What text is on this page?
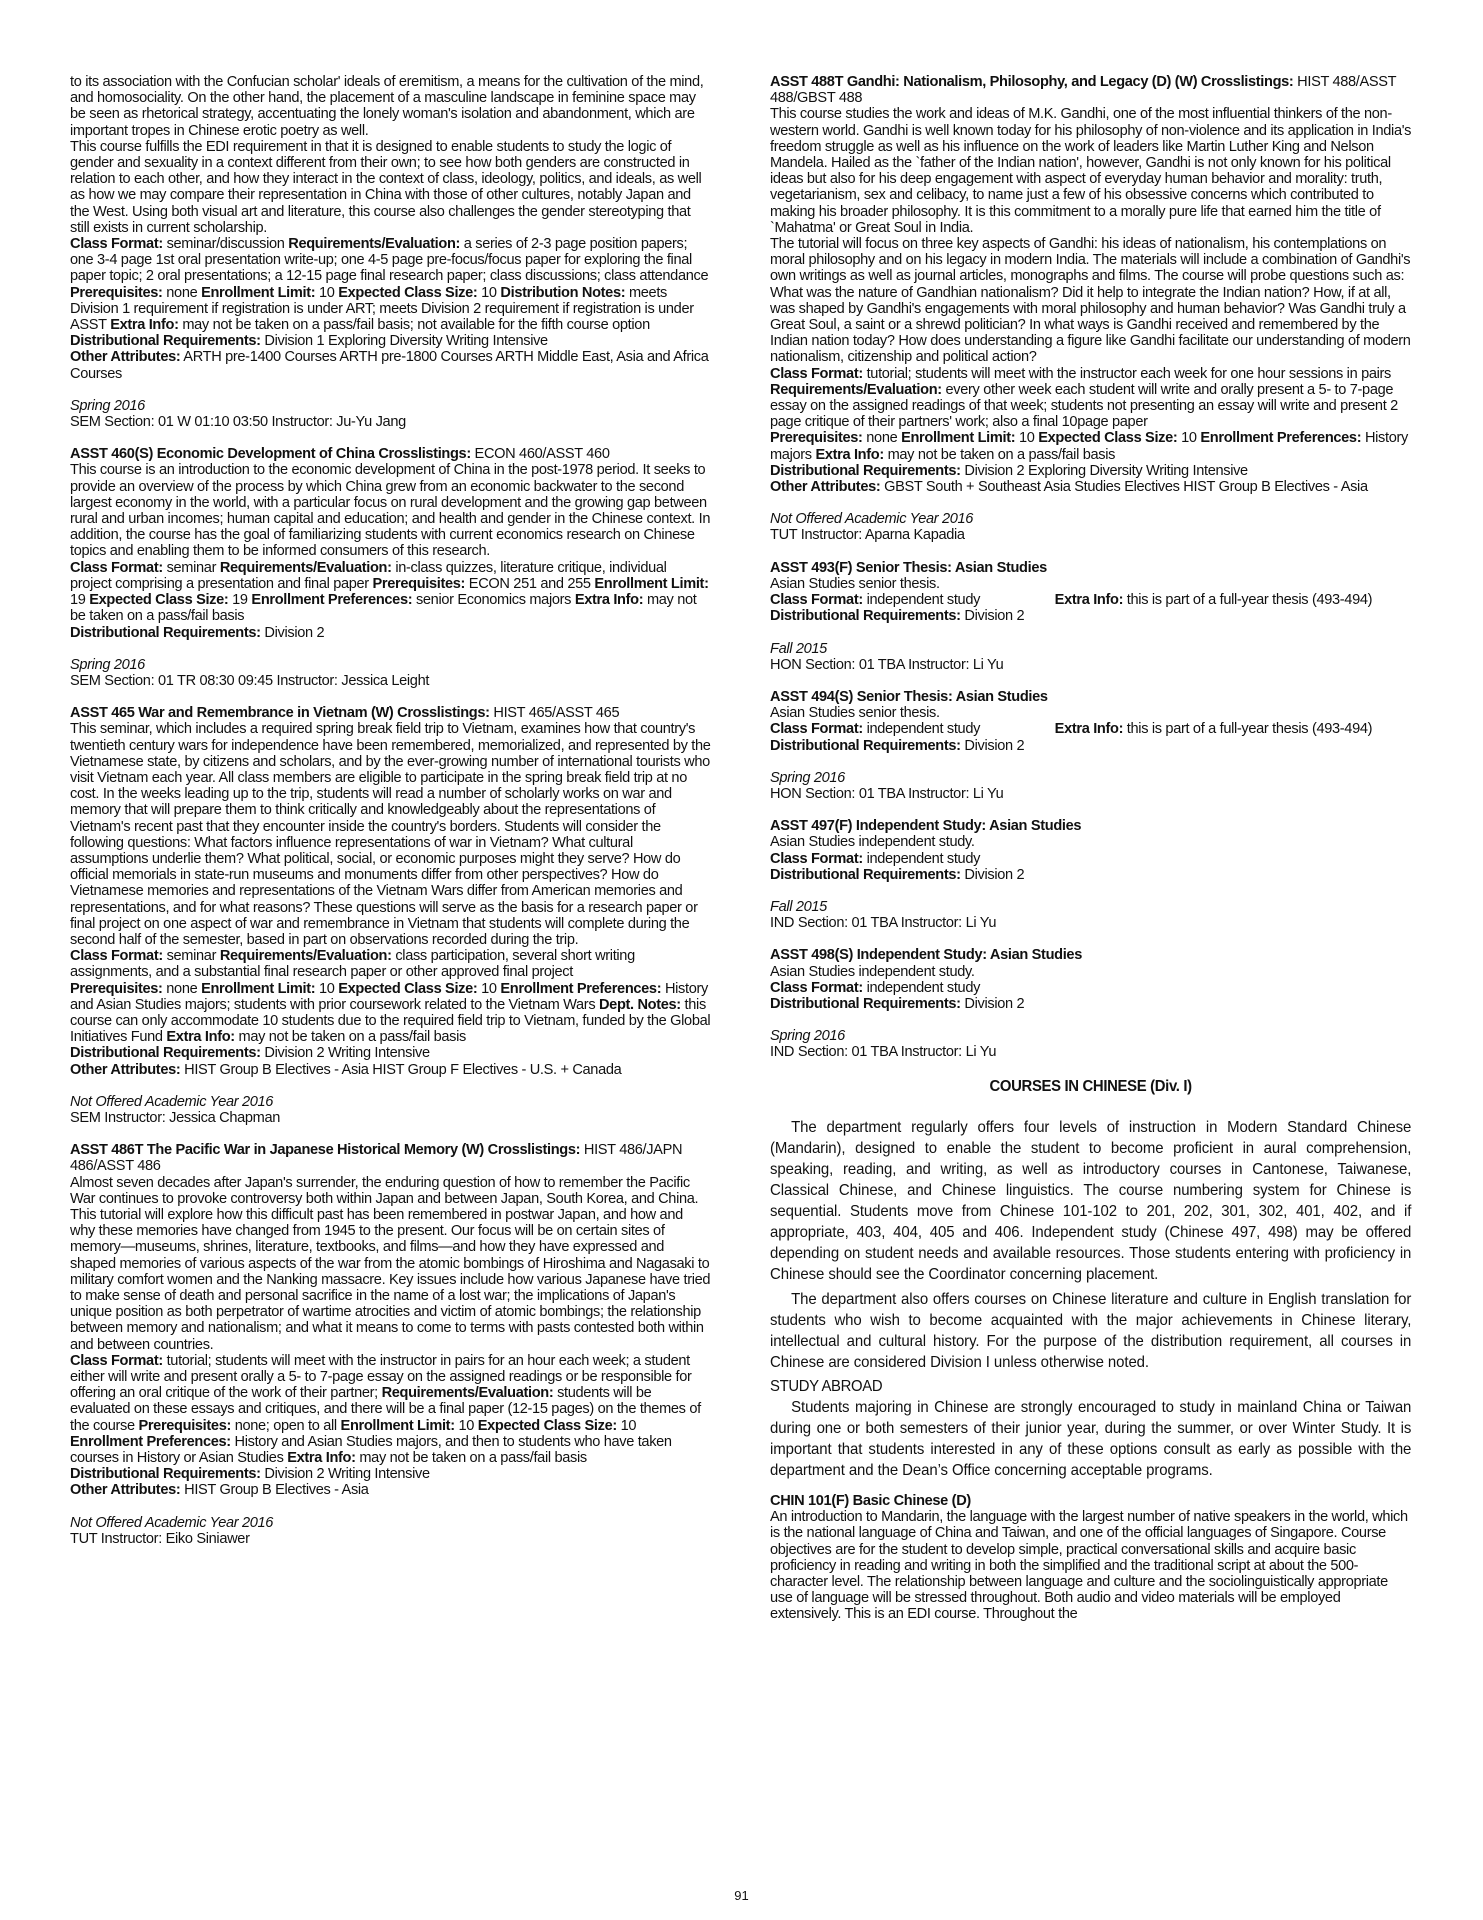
to its association with the Confucian scholar' ideals of eremitism, a means for the cultivation of the mind, and homosociality. On the other hand, the placement of a masculine landscape in feminine space may be seen as rhetorical strategy, accentuating the lonely woman's isolation and abandonment, which are important tropes in Chinese erotic poetry as well.

This course fulfills the EDI requirement in that it is designed to enable students to study the logic of gender and sexuality in a context different from their own; to see how both genders are constructed in relation to each other, and how they interact in the context of class, ideology, politics, and ideals, as well as how we may compare their representation in China with those of other cultures, notably Japan and the West. Using both visual art and literature, this course also challenges the gender stereotyping that still exists in current scholarship.

Class Format: seminar/discussion Requirements/Evaluation: a series of 2-3 page position papers; one 3-4 page 1st oral presentation write-up; one 4-5 page pre-focus/focus paper for exploring the final paper topic; 2 oral presentations; a 12-15 page final research paper; class discussions; class attendance Prerequisites: none Enrollment Limit: 10 Expected Class Size: 10 Distribution Notes: meets Division 1 requirement if registration is under ART; meets Division 2 requirement if registration is under ASST Extra Info: may not be taken on a pass/fail basis; not available for the fifth course option

Distributional Requirements: Division 1 Exploring Diversity Writing Intensive

Other Attributes: ARTH pre-1400 Courses ARTH pre-1800 Courses ARTH Middle East, Asia and Africa Courses

Spring 2016

SEM Section: 01 W 01:10 03:50 Instructor: Ju-Yu Jang

ASST 460(S) Economic Development of China Crosslistings: ECON 460/ASST 460

This course is an introduction to the economic development of China in the post-1978 period. It seeks to provide an overview of the process by which China grew from an economic backwater to the second largest economy in the world, with a particular focus on rural development and the growing gap between rural and urban incomes; human capital and education; and health and gender in the Chinese context. In addition, the course has the goal of familiarizing students with current economics research on Chinese topics and enabling them to be informed consumers of this research.

Class Format: seminar Requirements/Evaluation: in-class quizzes, literature critique, individual project comprising a presentation and final paper Prerequisites: ECON 251 and 255 Enrollment Limit: 19 Expected Class Size: 19 Enrollment Preferences: senior Economics majors Extra Info: may not be taken on a pass/fail basis

Distributional Requirements: Division 2

Spring 2016

SEM Section: 01 TR 08:30 09:45 Instructor: Jessica Leight

ASST 465 War and Remembrance in Vietnam (W) Crosslistings: HIST 465/ASST 465

This seminar, which includes a required spring break field trip to Vietnam, examines how that country's twentieth century wars for independence have been remembered, memorialized, and represented by the Vietnamese state, by citizens and scholars, and by the ever-growing number of international tourists who visit Vietnam each year. All class members are eligible to participate in the spring break field trip at no cost. In the weeks leading up to the trip, students will read a number of scholarly works on war and memory that will prepare them to think critically and knowledgeably about the representations of Vietnam's recent past that they encounter inside the country's borders. Students will consider the following questions: What factors influence representations of war in Vietnam? What cultural assumptions underlie them? What political, social, or economic purposes might they serve? How do official memorials in state-run museums and monuments differ from other perspectives? How do Vietnamese memories and representations of the Vietnam Wars differ from American memories and representations, and for what reasons? These questions will serve as the basis for a research paper or final project on one aspect of war and remembrance in Vietnam that students will complete during the second half of the semester, based in part on observations recorded during the trip.

Class Format: seminar Requirements/Evaluation: class participation, several short writing assignments, and a substantial final research paper or other approved final project

Prerequisites: none Enrollment Limit: 10 Expected Class Size: 10 Enrollment Preferences: History and Asian Studies majors; students with prior coursework related to the Vietnam Wars Dept. Notes: this course can only accommodate 10 students due to the required field trip to Vietnam, funded by the Global Initiatives Fund Extra Info: may not be taken on a pass/fail basis

Distributional Requirements: Division 2 Writing Intensive

Other Attributes: HIST Group B Electives - Asia HIST Group F Electives - U.S. + Canada

Not Offered Academic Year 2016

SEM Instructor: Jessica Chapman

ASST 486T The Pacific War in Japanese Historical Memory (W) Crosslistings: HIST 486/JAPN 486/ASST 486

Almost seven decades after Japan's surrender, the enduring question of how to remember the Pacific War continues to provoke controversy both within Japan and between Japan, South Korea, and China. This tutorial will explore how this difficult past has been remembered in postwar Japan, and how and why these memories have changed from 1945 to the present. Our focus will be on certain sites of memory—museums, shrines, literature, textbooks, and films—and how they have expressed and shaped memories of various aspects of the war from the atomic bombings of Hiroshima and Nagasaki to military comfort women and the Nanking massacre. Key issues include how various Japanese have tried to make sense of death and personal sacrifice in the name of a lost war; the implications of Japan's unique position as both perpetrator of wartime atrocities and victim of atomic bombings; the relationship between memory and nationalism; and what it means to come to terms with pasts contested both within and between countries.

Class Format: tutorial; students will meet with the instructor in pairs for an hour each week; a student either will write and present orally a 5- to 7-page essay on the assigned readings or be responsible for offering an oral critique of the work of their partner; Requirements/Evaluation: students will be evaluated on these essays and critiques, and there will be a final paper (12-15 pages) on the themes of the course Prerequisites: none; open to all Enrollment Limit: 10 Expected Class Size: 10 Enrollment Preferences: History and Asian Studies majors, and then to students who have taken courses in History or Asian Studies Extra Info: may not be taken on a pass/fail basis

Distributional Requirements: Division 2 Writing Intensive

Other Attributes: HIST Group B Electives - Asia

Not Offered Academic Year 2016

TUT Instructor: Eiko Siniawer

ASST 488T Gandhi: Nationalism, Philosophy, and Legacy (D) (W) Crosslistings: HIST 488/ASST 488/GBST 488

This course studies the work and ideas of M.K. Gandhi, one of the most influential thinkers of the non-western world. Gandhi is well known today for his philosophy of non-violence and its application in India's freedom struggle as well as his influence on the work of leaders like Martin Luther King and Nelson Mandela. Hailed as the `father of the Indian nation', however, Gandhi is not only known for his political ideas but also for his deep engagement with aspect of everyday human behavior and morality: truth, vegetarianism, sex and celibacy, to name just a few of his obsessive concerns which contributed to making his broader philosophy. It is this commitment to a morally pure life that earned him the title of `Mahatma' or Great Soul in India.

The tutorial will focus on three key aspects of Gandhi: his ideas of nationalism, his contemplations on moral philosophy and on his legacy in modern India. The materials will include a combination of Gandhi's own writings as well as journal articles, monographs and films. The course will probe questions such as: What was the nature of Gandhian nationalism? Did it help to integrate the Indian nation? How, if at all, was shaped by Gandhi's engagements with moral philosophy and human behavior? Was Gandhi truly a Great Soul, a saint or a shrewd politician? In what ways is Gandhi received and remembered by the Indian nation today? How does understanding a figure like Gandhi facilitate our understanding of modern nationalism, citizenship and political action?

Class Format: tutorial; students will meet with the instructor each week for one hour sessions in pairs Requirements/Evaluation: every other week each student will write and orally present a 5- to 7-page essay on the assigned readings of that week; students not presenting an essay will write and present 2 page critique of their partners' work; also a final 10page paper

Prerequisites: none Enrollment Limit: 10 Expected Class Size: 10 Enrollment Preferences: History majors Extra Info: may not be taken on a pass/fail basis

Distributional Requirements: Division 2 Exploring Diversity Writing Intensive

Other Attributes: GBST South + Southeast Asia Studies Electives HIST Group B Electives - Asia

Not Offered Academic Year 2016

TUT Instructor: Aparna Kapadia

ASST 493(F) Senior Thesis: Asian Studies

Asian Studies senior thesis.

Class Format: independent study	Extra Info: this is part of a full-year thesis (493-494)

Distributional Requirements: Division 2

Fall 2015

HON Section: 01 TBA Instructor: Li Yu

ASST 494(S) Senior Thesis: Asian Studies

Asian Studies senior thesis.

Class Format: independent study	Extra Info: this is part of a full-year thesis (493-494)

Distributional Requirements: Division 2

Spring 2016

HON Section: 01 TBA Instructor: Li Yu

ASST 497(F) Independent Study: Asian Studies

Asian Studies independent study.

Class Format: independent study

Distributional Requirements: Division 2

Fall 2015

IND Section: 01 TBA Instructor: Li Yu

ASST 498(S) Independent Study: Asian Studies

Asian Studies independent study.

Class Format: independent study

Distributional Requirements: Division 2

Spring 2016

IND Section: 01 TBA Instructor: Li Yu

COURSES IN CHINESE (Div. I)

The department regularly offers four levels of instruction in Modern Standard Chinese (Mandarin), designed to enable the student to become proficient in aural comprehension, speaking, reading, and writing, as well as introductory courses in Cantonese, Taiwanese, Classical Chinese, and Chinese linguistics. The course numbering system for Chinese is sequential. Students move from Chinese 101-102 to 201, 202, 301, 302, 401, 402, and if appropriate, 403, 404, 405 and 406. Independent study (Chinese 497, 498) may be offered depending on student needs and available resources. Those students entering with proficiency in Chinese should see the Coordinator concerning placement.

The department also offers courses on Chinese literature and culture in English translation for students who wish to become acquainted with the major achievements in Chinese literary, intellectual and cultural history. For the purpose of the distribution requirement, all courses in Chinese are considered Division I unless otherwise noted.

STUDY ABROAD

Students majoring in Chinese are strongly encouraged to study in mainland China or Taiwan during one or both semesters of their junior year, during the summer, or over Winter Study. It is important that students interested in any of these options consult as early as possible with the department and the Dean’s Office concerning acceptable programs.

CHIN 101(F) Basic Chinese (D)

An introduction to Mandarin, the language with the largest number of native speakers in the world, which is the national language of China and Taiwan, and one of the official languages of Singapore. Course objectives are for the student to develop simple, practical conversational skills and acquire basic proficiency in reading and writing in both the simplified and the traditional script at about the 500-character level. The relationship between language and culture and the sociolinguistically appropriate use of language will be stressed throughout. Both audio and video materials will be employed extensively. This is an EDI course. Throughout the

91
